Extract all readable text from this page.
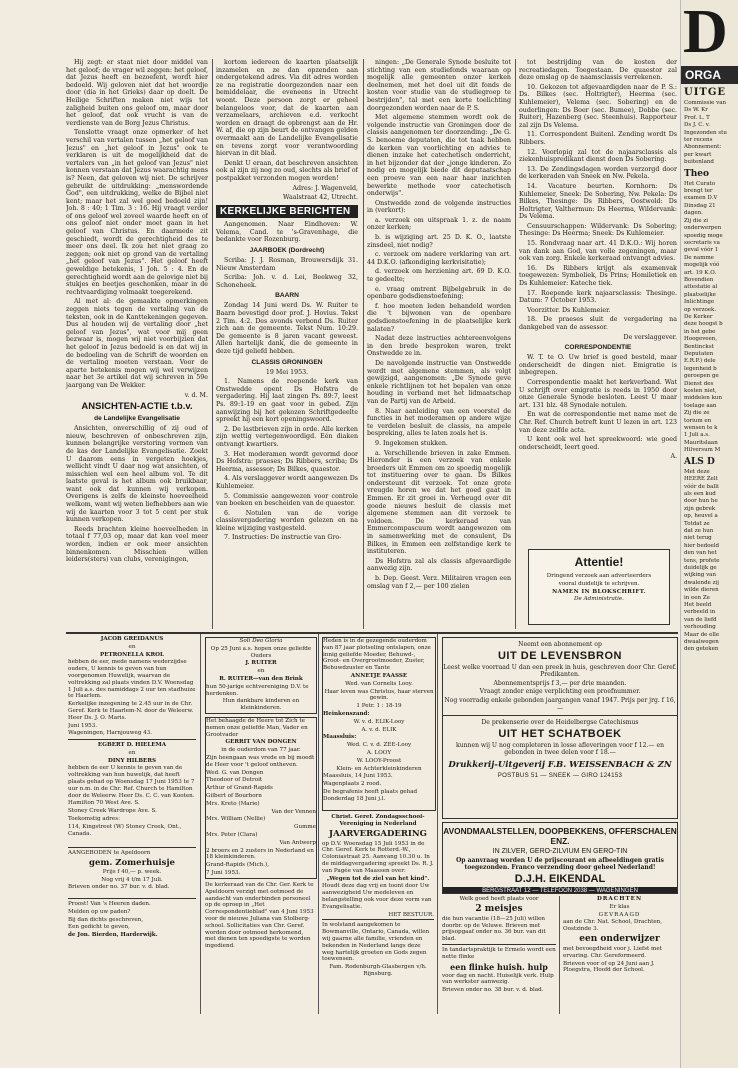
Hij zegt: er staat niet door middel van het geloof; de vrager wil zeggen: het geloof, dat Jezus heeft en bezoefent, wordt hier bedoeld. Wij geloven niet dat het woordje door (dia in het Grieks) daar op doelt. De Heilige Schriften maken niet wijs tot zaligheid buiten ons geloof om, maar door het geloof, dat ook vrucht is van de verdienste van de Borg Jezus Christus.

Tenslotte vraagt onze opmerker of het verschil van vertalen tussen „het geloof van Jezus" en „het geloof in Jezus" ook te verklaren is uit de mogelijkheid dat de vertalers van „in het geloof van Jezus" niet konnen verstaan dat Jezus waarachtig mens is? Neen, dat geloven wij niet. De schrijver gebruikt de uitdrukking: „menswordende God", een uitdrukking, welke de Bijbel niet kent; maar het zal wel goed bedoeld zijn! Joh. 8 : 40; 1 Tim. 3 : 16. Hij vraagt verder of ons geloof wel zoveel waarde heeft en of ons geloof niet onder moet gaan in het geloof van Christus. En daarmede zit geschiedt, wordt de gerechtigheid des te meer ons deel. Ik zou het niet graag zo zeggen; ook niet op grond van de vertaling „het geloof van Jezus". Het geloof heeft geweldige betekenis, 1 Joh. 5 : 4. En de gerechtigheid wordt aan de gelovige niet bij stukjes en beetjes geschonken, maar in de rechtvaardiging volmaakt toegerekend.

Al met al: de gemaakte opmerkingen zeggen niets tegen de vertaling van de teksten, ook in de Kanttekeningen gegeven. Dus al houden wij de vertaling door „het geloof van Jezus", wat voor mij geen bezwaar is, mogen wij niet voorbijzien dat het geloof in Jezus bedoeld is en dat wij in de bedoeling van de Schrift de woorden en de vertaling moeten verstaan. Voor de aparte betekenis mogen wij wel verwijzen naar het 3e artikel dat wij schreven in 59e jaargang van De Wekker.

v. d. M.

ANSICHTEN-ACTIE t.b.v.
de Landelijke Evangelisatie

Ansichten, onverschillig of zij oud of nieuw, beschreven of onbeschreven zijn, kunnen belangrijke verstoring vormen van de kas der Landelijke Evangelisatie. Zoekt U daarom eens in vergeten hoekjes, wellicht vindt U daar nog wat ansichten, of misschien wel een heel album vol. Te dit laatste geval is het album ook bruikbaar, want ook dat kunnen wij verkopen. Overigens is zelfs de kleinste hoeveelheid welkom, want wij weten liefhebbers aan wie wij de kaarten voor 3 tot 5 cent per stuk kunnen verkopen.

Reeds brachten kleine hoeveelheden in totaal f 77,03 op, maar dat kan veel meer worden, indien er ook meer ansichten binnenkomen. Misschien willen leiders(sters) van clubs, verenigingen,

kortom iedereen de kaarten plaatselijk inzamelen en ze dan opzenden aan ondergetekend adres. Via dit adres worden ze na registratie doorgezonden naar een bemiddelaar, die eveneens in Utrecht woont. Deze persoon zorgt er geheel belangeloos voor, dat de kaarten aan verzamelaars, archieven e.d. verkocht worden en draagt de opbrengst aan de Hr. W. af, die op zijn beurt de ontvangen gelden overmaakt aan de Landelijke Evangelisatie en tevens zorgt voor verantwoording hiervan in dit blad.

Denkt U eraan, dat beschreven ansichten ook al zijn zij nog zo oud, slechts als brief of postpakket verzonden mogen worden!

Adres: J. Wagenveld,

Waalstraat 42, Utrecht.

KERKELIJKE BERICHTEN

Aangenomen. Naar Eindhoven: W. Velema, Cand. te 's-Gravenhage, die bedankte voor Rozenburg.

JAARBOEK (Dordrecht)

Scriba: J. J. Rosman, Brouwersdijk 31. Nieuw Amsterdam

Scriba: Joh. v. d. Lei, Beekweg 32, Schoneheek.

BAARN

Zondag 14 Juni werd Ds. W. Ruiter te Baarn bevestigd door prof. J. Hovius. Tekst 2 Tim. 4:2. Des avonds verbond Ds. Ruiter zich aan de gemeente. Tekst Num. 10:29. De gemeente is 8 jaren vacant geweest. Allen hartelijk dank, die de gemeente in deze tijd geliefd hebben.

CLASSIS GRONINGEN

19 Mei 1953.

1. Namens de roepende kerk van Onstwedde opent Ds Hofstra de vergadering. Hij laat zingen Ps. 89:7, leest Ps. 89:1-19 en gaat voor in gebed. Zijn aanwijzing bij het gekozen Schriftgedeelte spreekt hij een kort openingswoord.

2. De lastbrieven zijn in orde. Alle kerken zijn wettig vertegenwoordigd. Eén diaken ontvangt kwartiers.

3. Het moderamen wordt gevormd door Ds Hofstra: praeses; Ds Ribbers, scriba; Ds Heerma, assessor; Ds Bilkes, quaestor.

4. Als verslaggever wordt aangewezen Ds Kuhlemeier.

5. Commissie aangewezen voor controle van boeken en bescheiden van de quaestor.

6. Notulen van de vorige classisvergadering worden gelezen en na kleine wijziging vastgesteld.

7. Instructies: De instructie van Gro-

ningen: „De Generale Synode besluite tot stichting van een studiefonds waaraan op mogelijk alle gemeenten onzer kerken deelnemen, met het doel uit dit fonds de kosten voor studie van de studiegroep te bestrijden", tal met een korte toelichting doorgezonden worden naar de P. S.

Met algemene stemmen wordt ook de volgende instructie van Groningen door de classis aangenomen ter doorzending: „De G. S. benoeme deputaten, die tot taak hebben de kerken van voorlichting en advies te dienen inzake het catechetisch onderricht, in het bijzonder dat der „jonge kinderen. Zo nodig en mogelijk biede dit deputaatschap een proeve van een naar haar inzichten bewerkte methode voor catechetisch onderwijs".

Onstwedde zond de volgende instructies in (verkort):

a. verzoek om uitspraak 1. z. de naam onzer kerken;

b. is wijziging art. 25 D. K. O., laatste zinsdeel, niet nodig?

c. verzoek om nadere verklaring van art. 44 D.K.O. (afkondiging kerkvisitatie);

d. verzoek om herziening art. 69 D. K.O. te gedeelte;

e. vraag omtrent Bijbelgebruik in de openbare godsdienstoefening;

f. hoe moeten leden behandeld worden die 't bijwonen van de openbare godsdienstoefening in de plaatselijke kerk nalaten?

Nadat deze instructies achtereenvolgens in den brede besproken waren, trekt Onstwedde ze in.

De navolgende instructie van Onstwedde wordt met algemene stemmen, als volgt gewijzigd, aangenomen: „De Synode geve enkele richtlijnen tot het bepalen van onze houding in verband met het lidmaatschap van de Partij van de Arbeid.

8. Naar aanleiding van een voorstel de functies in het moderamen op andere wijze te verdelen besluit de classis, na ampele bespreking, alles te laten zoals het is.

9. Ingekomen stukken.

a. Verschillende brieven in zake Emmen. Hieronder is een verzoek van enkele broeders uit Emmen om zo spoedig mogelijk tot instituering over te gaan. Ds Bilkes ondersteunt dit verzoek. Tot onze grote vreugde horen we dat het goed gaat in Emmen. Er zit groei in. Verheugd over dit goede nieuws besluit de classis met algemene stemmen aan dit verzoek te voldoen. De kerkeraad van Emmercompascuum wordt aangewezen om in samenwerking met de consulent, Ds Bilkes, in Emmen een zelfstandige kerk te instituteren.

Ds Hofstra zal als classis afgevaardigde aanwezig zijn.

b. Dep. Geest. Verz. Militairen vragen een omslag van f 2,— per 100 zielen

tot bestrijding van de kosten der recreatiedagen. Toegestaan. De quaestor zal deze omslag op de naamsclassis verrekenen.

10. Gekozen tot afgevaardigden naar de P. S.: Ds. Bilkes (sec. Holtrigter), Heerma (sec. Kuhlemeier), Velema (sec. Sobering) en de ouderlingen: Ds Boer (sec. Bumee), Dobbe (sec. Ruiter), Hazenberg (sec. Steenhuis). Rapporteur zal zijn Ds Velema.

11. Correspondent Buitenl. Zending wordt Ds Ribbers.

12. Voorlopig zal tot de najaarsclassis als ziekenhuispredikant dienst doen Ds Sobering.

13. De Zendingsdagen worden verzorgd door de kerkeraden van Sneek en Nw. Pekela.

14. Vacature beurten. Kornhorn: Ds Kuhlemeier, Sneek: De Sobering, Nw. Pekela: Ds Bilkes, Thesinge: Ds Ribbers, Oostwold: Ds Holtrigter, Valthermun: Ds Heerma, Wildervank: Ds Velema.

Censuurschappen: Wildervank: Ds Sobering; Thesinge: Ds Heerma; Sneek: Ds Kuhlemeier.

15. Rondvraag naar art. 41 D.K.O.: Wij horen van dank aan God, van volle zegeningen, maar ook van zorg. Enkele kerkeraad ontvangt advies.

16. Ds Ribbers krijgt als examenvak toegewezen: Symboliek, Ds Prins; Homiletiek en Ds Kuhlemeier: Kateche tiek.

17. Roepende kerk najaarsclassis: Thesinge. Datum: 7 October 1953.

Voorzitter. Ds Kuhlemeier.

18. De praeses sluit de vergadering na dankgebed van de assessor.

De verslaggever.

CORRESPONDENTIE

W. T. te O. Uw brief is goed besteld, maar onderscheidt de dingen niet. Emigratie is inbegrepen.

Correspondentie maakt het kerkverband. Wat U schrijft over emigratie is reeds in 1950 door onze Generale Synode besloten. Leest U maar art. 131 blz. 48 Synodale notulen.

En wat de correspondentie met name met de Chr. Ref. Church betreft kunt U lezen in art. 123 van deze zelfde acta.

U kent ook wel het spreekwoord: wie goed onderscheidt, leert goed.

A.

Attentie!

Dringend verzoek aan adverteerders

vooral duidelijk te schrijven.

NAMEN IN BLOKSCHRIFT.

De Administratie.

JACOB GREIDANUS

en

PETRONELLA KROL

hebben de eer, mede namens wederzijdse ouders, U kennis te geven van hun voorgenomen Huwelijk, waarvan de voltrekking zal plaats vinden D.V. Woensdag 1 Juli a.s. des namiddags 2 uur ten stadhuize te Haarlem.

Kerkelijke inzegening te 2.45 uur in de Chr. Geref. Kerk te Haarlem-N. door de Weleerw. Heer Ds. J. O. Maris.

Juni 1953.

Wageningen, Harnjouweg 43.

EGBERT D. HIELEMA

en

DINY HILBERS

hebben de eer U kennis te geven van de voltrekking van hun huwelijk, dat heeft plaats gehad op Woensdag 17 Juni 1953 te 7 uur n.m. in de Chr. Ref. Church te Hamilton door de Weleerw. Heer Ds. C. C. van Kooten.

Hamilton 70 West Ave. S.

Stoney Creek Wardrope Ave. S.

Toekomstig adres:

114, Kingstreet (W) Stoney Creek, Ont., Canada.

AANGEBODEN te Apeldoorn

gem. Zomerhuisje

Prijs f 40,— p. week.

Nog vrij 4 t/m 17 Juli.

Brieven onder no. 37 bur. v. d. blad.

Proost! Van 's Heeren daden.

Melden op uw paden?

Bij dan dichts geschreven,

Een gedicht te geven,

de Jon. Bierden, Harderwijk.

Soli Deo Gloria

Op 25 Juni a.s. hopen onze geliefde Ouders

J. RUITER

en

R. RUITER—van den Brink

hun 50-jarige echtvereniging D.V. te herdenken.

Hun dankbare kinderen en kleinkinderen.

Het behaagde de Heere tot Zich te nemen onze geliefde Man, Vader en Grootvader

GERRIT VAN DONGEN

in de ouderdom van 77 jaar.

Zijn heengaan was vrede en bij moedt de Heer voor 't geloof ontheven.

Wed. G. van Dongen

Theodoor of Detroit

Arthur of Grand-Rapids

Gilbert of Bourborn

Mrs. Kreto (Marie)

Van der Vennen

Mrs. William (Nellie)

Gumme

Mrs. Peter (Clara)

Van Antwerp

2 broers en 2 zusters in Nederland en 18 kleinkinderen.

Grand-Rapids (Mich.),

7 Juni 1953.

De kerkeraad van de Chr. Ger. Kerk te Apeldoorn verzigt met ootmoed de aandacht van onderbinden personeel op de oproep in „Het Correspondentieblad" van 4 Juni 1953 voor de nieuwe Juliana van Stolberg-school. Sollicitaties van Chr. Geref. worden door ootmoed herkomend, met dienen ten spoedigste te worden ingediend.

Heden is in de gezegende ouderdom van 87 jaar plotseling ontslapen, onze innig geliefde Moeder, Behuwd-, Groot- en Overgrootmoeder, Zuster, Behuwdzuster en Tante

ANNETJE FAASSE

Wed. van Cornelis Looy.

Haar leven was Christus, haar sterven gewin.

1 Petr. 1 : 18-19

Heinkenszand:

W. v. d. ELIK-Looy

A. v. d. ELIK

Maassluis:

Wed. C. v. d. ZEE-Looy

A. LOOY

W. LOOY-Proost

Klein- en Achterkleinkinderen

Maassluis, 14 Juni 1953.

Wagenplaats 2 rood.

De begrafenis heeft plaats gehad Donderdag 18 Juni j.l.

Christ. Geref. Zondagsschool-Vereniging in Nederland

JAARVERGADERING

op D.V. Woensdag 15 Juli 1953 in de Chr. Geref. Kerk te Rotterd.-W., Coloniastraat 25. Aanvang 10.30 u. In de middagvergadering spreekt Ds. R. J. van Pagée van Maassen over:

„Wegen tot de ziel van het kind".

Houdt deze dag vrij en toont door Uw aanwezigheid Uw medeleven en belangstelling ook voor deze vorm van Evangelisatie.

HET BESTUUR.

In wolstand aangekomen te Bowmanville, Ontario, Canada, willen wij gaarne alle familie, vrienden en bekenden in Nederland langs deze weg hartelijk groeten en Gods zegen toewensen.

Fam. Rodenburgh-Glasbergen v/h. Rijnsburg.

Neemt een abonnement op

UIT DE LEVENSBRON

Leest welke voorraad U dan een preek in huis, geschreven door Chr. Geref. Predikanten.

Abonnementsprijs f 3,— per drie maanden.

Vraagt zonder enige verplichting een proefnummer.

Nog voorradig enkele gebonden jaargangen vanaf 1947. Prijs per jrg. f 16,—

De prekenserie over de Heidelbergse Catechismus

UIT HET SCHATBOEK

kunnen wij U nog completeren in losse afleveringen voor f 12.— en gebonden in twee delen voor f 18.—

Drukkerij-Uitgeverij F.B. WEISSENBACH & ZN

POSTBUS 51 — SNEEK — GIRO 124153

AVONDMAALSTELLEN, DOOPBEKKENS, OFFERSCHALEN ENZ.

IN ZILVER, GERO-ZILVIUM EN GERO-TIN

Op aanvraag worden U de prijscourant en afbeeldingen gratis toegezonden. Franco verzending door geheel Nederland!

D.J.H. EIKENDAL

BERGSTRAAT 12 — TELEFOON 2038 — WAGENINGEN

Welk goed heeft plaats voor

2 meisjes

die hun vacantie (18—25 Juli) willen doorbr. op de Veluwe. Brieven met prijsopgaaf onder no. 36 bur. van dit blad.

In tandartspraktijk te Ermelo wordt een nette flinke

een flinke huish. hulp

voor dag en nacht. Huiselijk verk. Hulp van werkster aanwezig.

Brieven onder no. 38 bur. v. d. blad.

DRACHTEN

Er klas

GEVRAAGD

aan de Chr. Nat. School, Drachten, Oostzinde 3.

een onderwijzer

met bevoegdheid voor j. Liefst met ervaring. Chr. Gereformeerd.

Brieven voor of op 24 Juni aan J. Ploegstra, Hoofd der School.

D
ORGA
UITGE
Commissie van
Ds W. Kr
Prof. L. T
Ds J. C. v.
Ingezonden stu
ter recens
Abonnement:
per kwart
buitenland
Theo
Het Curato
brengt ter
examen D.V
Dinsdag 21
dagen.
Zij die zi
onderwerpen
spoedig moge
secretaris va
geval vóór 1
De namme
mogelijk vóó
art. 19 K.O.
Bovendien
attestatie al
plaatselijke
Inlichtinge
op verzoek.
De Kerker
deze hoogst b
in het gebe
Hoogeveen,
Bentinckst
Deputaten
E.R.P.) dele
legenheid b
geroepen ge
Dienst des
kosten niet,
middelen kun
toelage aan
Zij die ze
torium en
wensen te k
1 Juli a.s.
Mauritslaan
Hilversum M
ALS D
Met deze
HEERE Zelt
vóór de balli
als een kud
door hun he
zijn gebrek
op, heuvel a
Totdat ze
dat ze hun
niet terug
hier bedoeld
den van het
tens, profete
duidelijk ge
wijking van
dwalende zij
wilde dieren
in een Ze
Het beeld
verbeeld in
van de liefd
verhouding
Maar de elle
dwaalwegen
den geteken
